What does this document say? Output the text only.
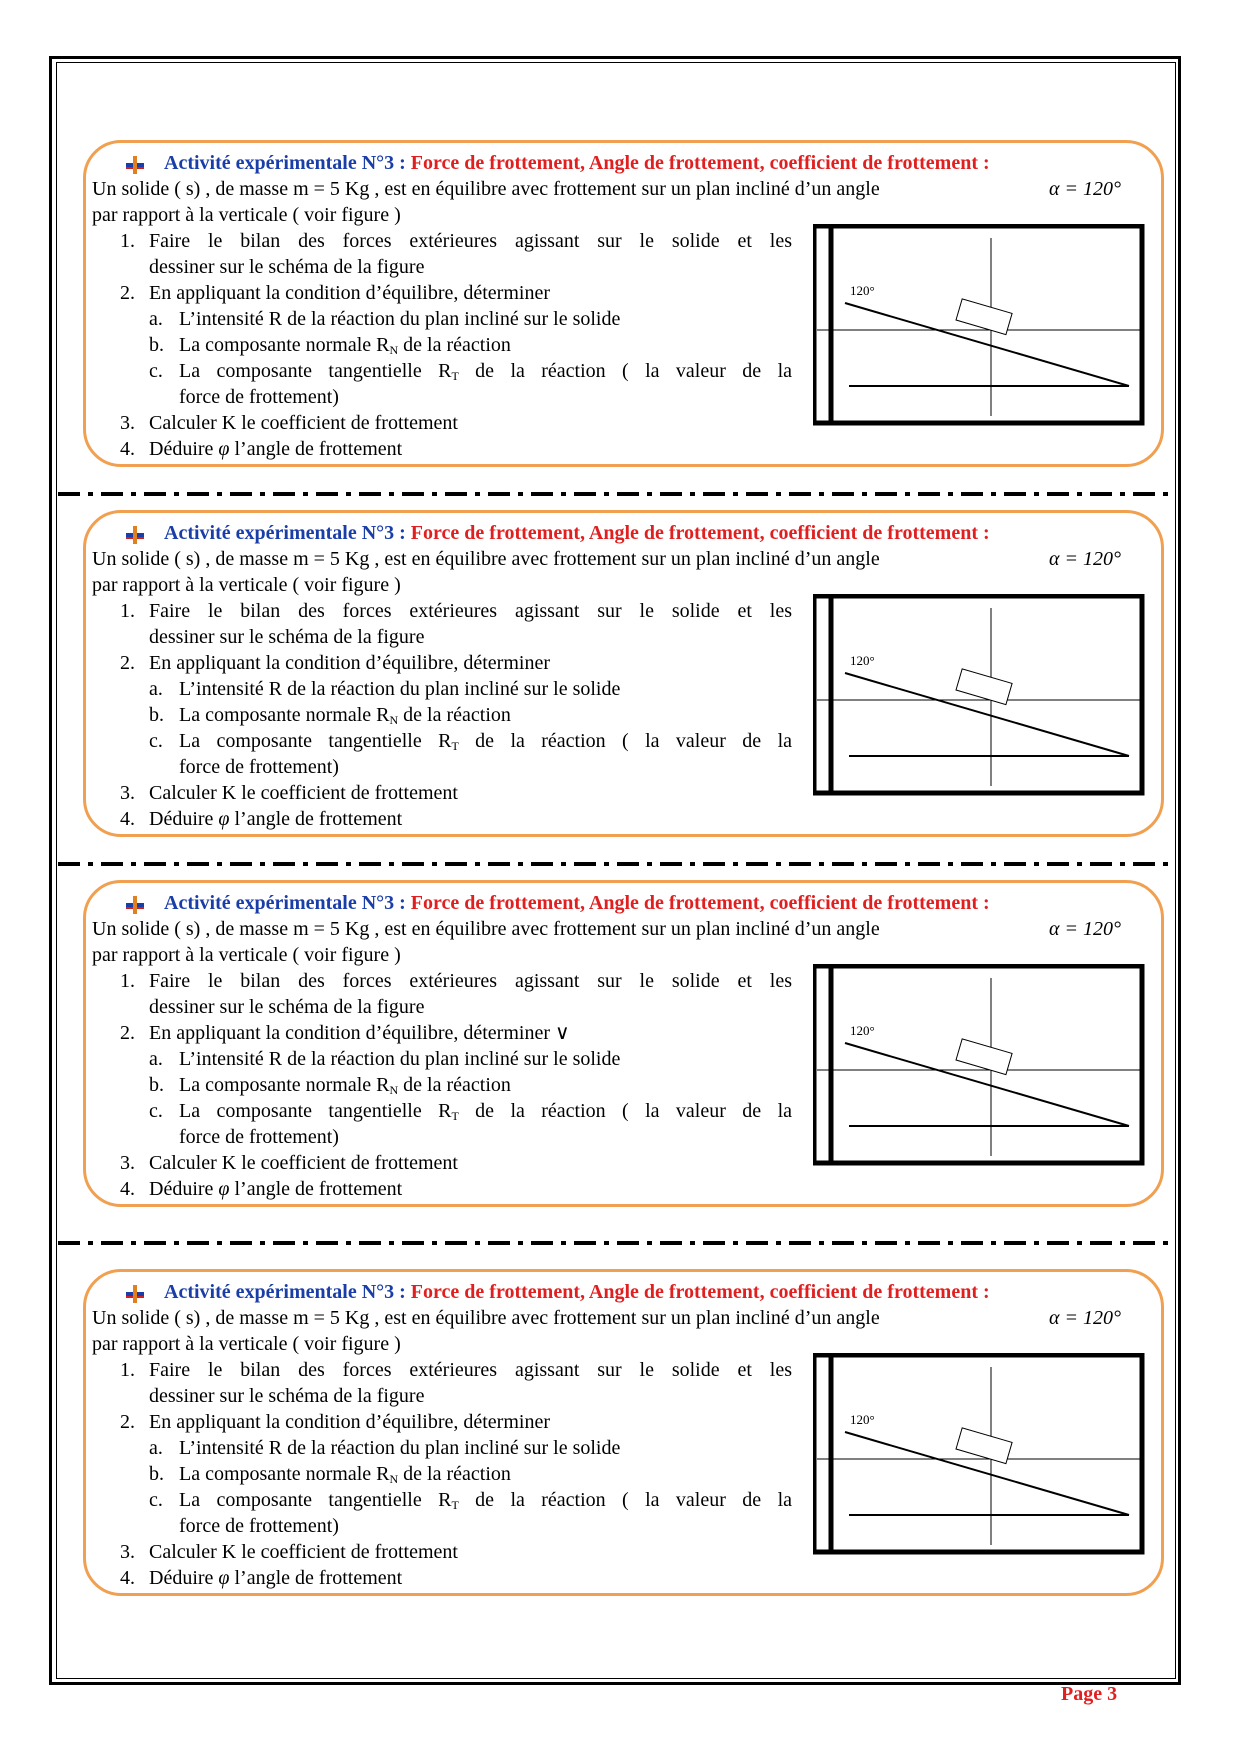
Activité expérimentale N°3 : Force de frottement, Angle de frottement, coefficient de frottement :
Un solide ( s) , de masse m = 5 Kg , est en équilibre avec frottement sur un plan incliné d’un angle	α = 120°
par rapport à la verticale ( voir figure )
1. Faire le bilan des forces extérieures agissant sur le solide et les
dessiner sur le schéma de la figure
2. En appliquant la condition d’équilibre, déterminer
a. L’intensité R de la réaction du plan incliné sur le solide
b. La composante normale $R_N$ de la réaction
c. La composante tangentielle $R_T$ de la réaction ( la valeur de la
force de frottement)
3. Calculer K le coefficient de frottement
4. Déduire φ l’angle de frottement
120°
Activité expérimentale N°3 : Force de frottement, Angle de frottement, coefficient de frottement :
Un solide ( s) , de masse m = 5 Kg , est en équilibre avec frottement sur un plan incliné d’un angle	α = 120°
par rapport à la verticale ( voir figure )
1. Faire le bilan des forces extérieures agissant sur le solide et les
dessiner sur le schéma de la figure
2. En appliquant la condition d’équilibre, déterminer
a. L’intensité R de la réaction du plan incliné sur le solide
b. La composante normale $R_N$ de la réaction
c. La composante tangentielle $R_T$ de la réaction ( la valeur de la
force de frottement)
3. Calculer K le coefficient de frottement
4. Déduire φ l’angle de frottement
120°
Activité expérimentale N°3 : Force de frottement, Angle de frottement, coefficient de frottement :
Un solide ( s) , de masse m = 5 Kg , est en équilibre avec frottement sur un plan incliné d’un angle	α = 120°
par rapport à la verticale ( voir figure )
1. Faire le bilan des forces extérieures agissant sur le solide et les
dessiner sur le schéma de la figure
2. En appliquant la condition d’équilibre, déterminer ∨
a. L’intensité R de la réaction du plan incliné sur le solide
b. La composante normale $R_N$ de la réaction
c. La composante tangentielle $R_T$ de la réaction ( la valeur de la
force de frottement)
3. Calculer K le coefficient de frottement
4. Déduire φ l’angle de frottement
120°
Activité expérimentale N°3 : Force de frottement, Angle de frottement, coefficient de frottement :
Un solide ( s) , de masse m = 5 Kg , est en équilibre avec frottement sur un plan incliné d’un angle	α = 120°
par rapport à la verticale ( voir figure )
1. Faire le bilan des forces extérieures agissant sur le solide et les
dessiner sur le schéma de la figure
2. En appliquant la condition d’équilibre, déterminer
a. L’intensité R de la réaction du plan incliné sur le solide
b. La composante normale $R_N$ de la réaction
c. La composante tangentielle $R_T$ de la réaction ( la valeur de la
force de frottement)
3. Calculer K le coefficient de frottement
4. Déduire φ l’angle de frottement
120°
Page 3
